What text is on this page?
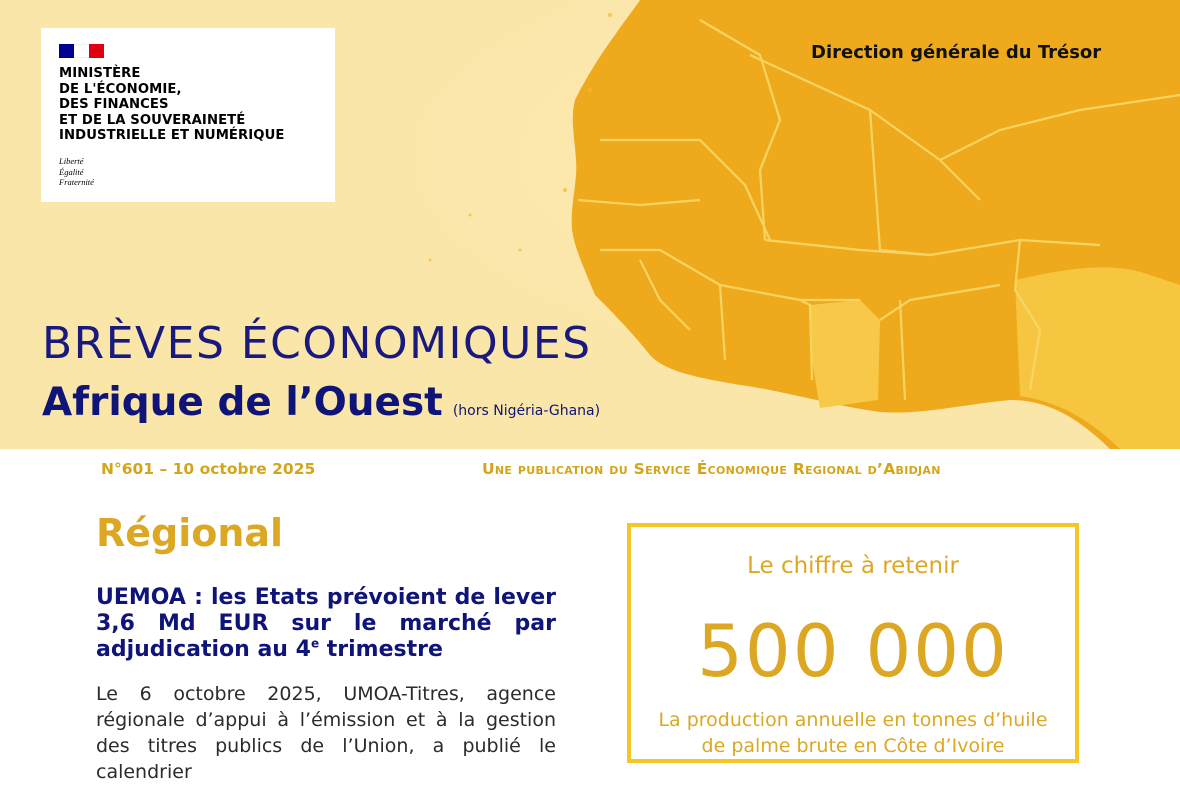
MINISTÈRE
DE L'ÉCONOMIE,
DES FINANCES
ET DE LA SOUVERAINETÉ
INDUSTRIELLE ET NUMÉRIQUE
Liberté
Égalité
Fraternité
Direction générale du Trésor
BRÈVES ÉCONOMIQUES
Afrique de l’Ouest (hors Nigéria-Ghana)
N°601 – 10 octobre 2025	Une publication du Service Économique Regional d’Abidjan
Régional
UEMOA : les Etats prévoient de lever 3,6 Md EUR sur le marché par adjudication au 4e trimestre
Le 6 octobre 2025, UMOA-Titres, agence régionale d’appui à l’émission et à la gestion des titres publics de l’Union, a publié le calendrier
Le chiffre à retenir
500 000
La production annuelle en tonnes d’huile de palme brute en Côte d’Ivoire
